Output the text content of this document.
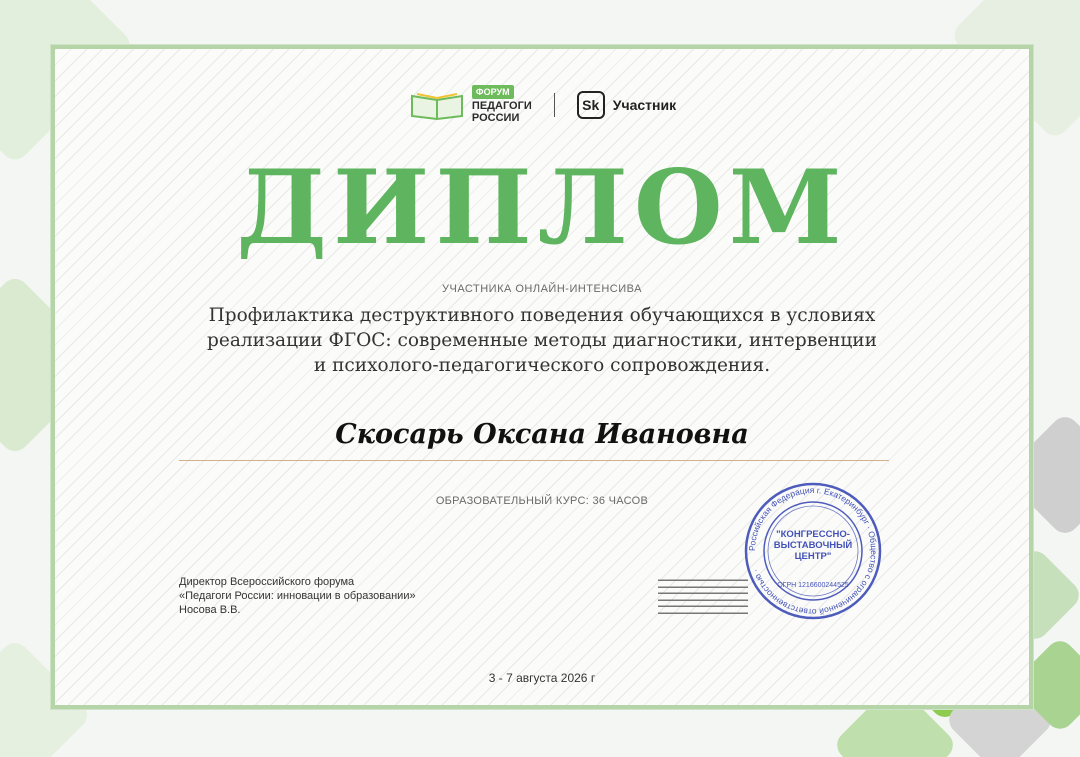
ФОРУМ
ПЕДАГОГИ
РОССИИ
Sk Участник
ДИПЛОМ
УЧАСТНИКА ОНЛАЙН-ИНТЕНСИВА
Профилактика деструктивного поведения обучающихся в условиях
реализации ФГОС: современные методы диагностики, интервенции
и психолого-педагогического сопровождения.
Скосарь Оксана Ивановна
ОБРАЗОВАТЕЛЬНЫЙ КУРС: 36 ЧАСОВ
Директор Всероссийского форума
«Педагоги России: инновации в образовании»
Носова В.В.
▬▬▬▬▬▬▬▬▬▬▬▬▬▬▬▬▬▬
▬▬▬▬▬▬▬▬▬▬▬▬▬▬▬▬▬▬
▬▬▬▬▬▬▬▬▬▬▬▬▬▬▬▬▬▬
▬▬▬▬▬▬▬▬▬▬▬▬▬▬▬▬▬▬
▬▬▬▬▬▬▬▬▬▬▬▬▬▬▬▬▬▬
▬▬▬▬▬▬▬▬▬▬▬▬▬▬▬▬▬▬
Российская Федерация г. Екатеринбург · Общество с ограниченной ответственностью ·
"КОНГРЕССНО-ВЫСТАВОЧНЫЙ ЦЕНТР"
ОГРН 1216600244525
3 - 7 августа 2026 г
